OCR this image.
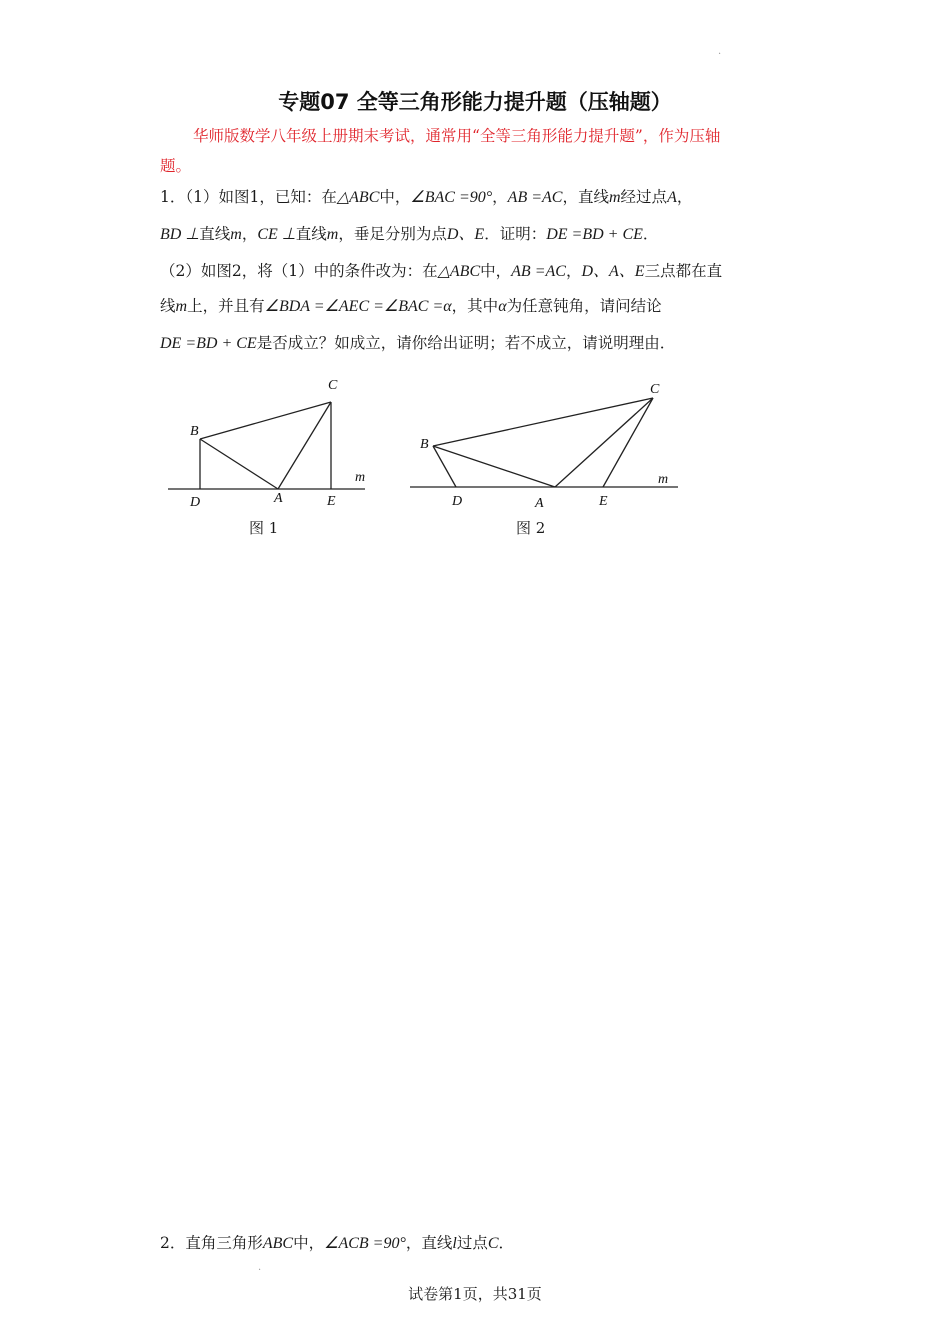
.
专题07 全等三角形能力提升题（压轴题）
华师版数学八年级上册期末考试，通常用“全等三角形能力提升题”，作为压轴
题。
1．（1）如图1，已知：在△ABC中，∠BAC =90°，AB =AC，直线m经过点A，
BD ⊥直线m，CE ⊥直线m，垂足分别为点D、E．证明：DE =BD + CE．
（2）如图2，将（1）中的条件改为：在△ABC中，AB =AC，D、A、E三点都在直
线m上，并且有∠BDA =∠AEC =∠BAC =α，其中α为任意钝角，请问结论
DE =BD + CE是否成立？如成立，请你给出证明；若不成立，请说明理由．
B
C
D	A	E
m
图 1
B
C
D	A	E
m
图 2
2．直角三角形ABC中，∠ACB =90°，直线l过点C．
.
试卷第1页，共31页
